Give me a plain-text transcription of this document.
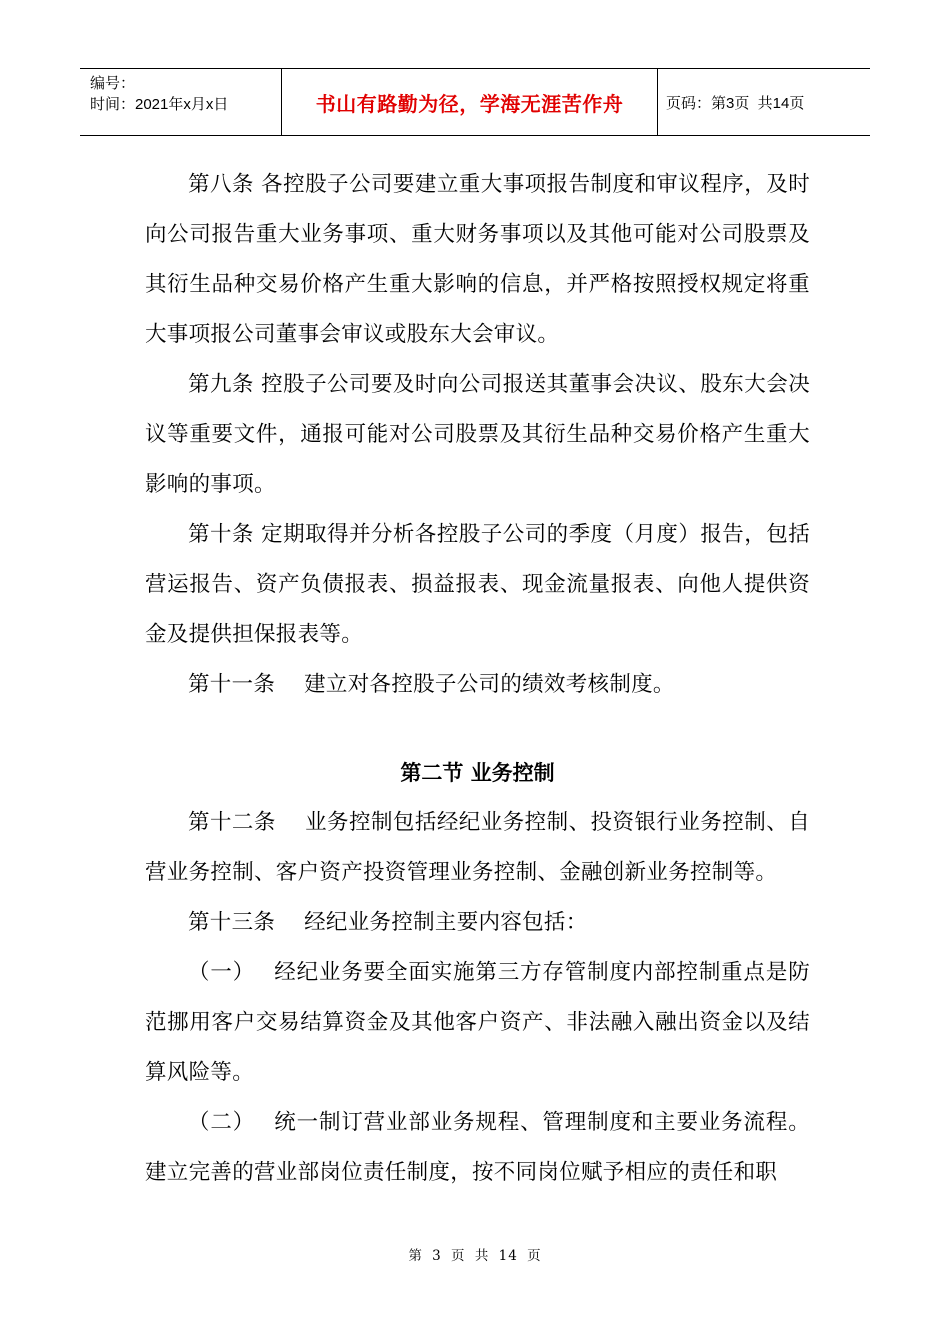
编号：
时间：2021年x月x日	书山有路勤为径，学海无涯苦作舟	页码：第3页  共14页

第八条 各控股子公司要建立重大事项报告制度和审议程序，及时向公司报告重大业务事项、重大财务事项以及其他可能对公司股票及其衍生品种交易价格产生重大影响的信息，并严格按照授权规定将重大事项报公司董事会审议或股东大会审议。

第九条 控股子公司要及时向公司报送其董事会决议、股东大会决议等重要文件，通报可能对公司股票及其衍生品种交易价格产生重大影响的事项。

第十条 定期取得并分析各控股子公司的季度（月度）报告，包括营运报告、资产负债报表、损益报表、现金流量报表、向他人提供资金及提供担保报表等。

第十一条　 建立对各控股子公司的绩效考核制度。

第二节 业务控制

第十二条　 业务控制包括经纪业务控制、投资银行业务控制、自营业务控制、客户资产投资管理业务控制、金融创新业务控制等。

第十三条　 经纪业务控制主要内容包括：

（一）　 经纪业务要全面实施第三方存管制度内部控制重点是防范挪用客户交易结算资金及其他客户资产、非法融入融出资金以及结算风险等。

（二）　 统一制订营业部业务规程、管理制度和主要业务流程。建立完善的营业部岗位责任制度，按不同岗位赋予相应的责任和职

第 3 页 共 14 页
